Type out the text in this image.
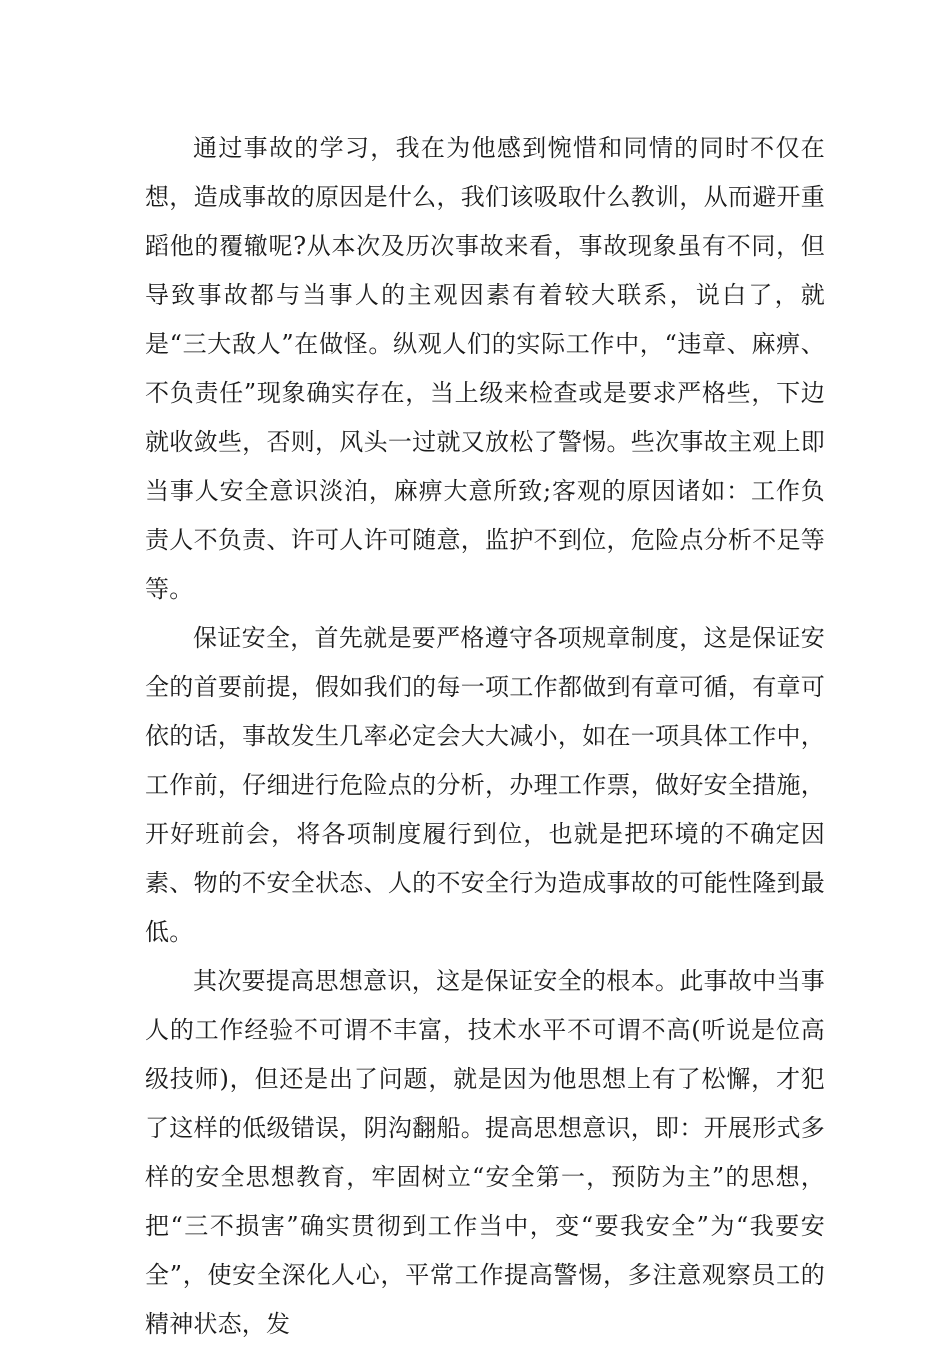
通过事故的学习，我在为他感到惋惜和同情的同时不仅在想，造成事故的原因是什么，我们该吸取什么教训，从而避开重蹈他的覆辙呢?从本次及历次事故来看，事故现象虽有不同，但导致事故都与当事人的主观因素有着较大联系，说白了，就是“三大敌人”在做怪。纵观人们的实际工作中，“违章、麻痹、不负责任”现象确实存在，当上级来检查或是要求严格些，下边就收敛些，否则，风头一过就又放松了警惕。些次事故主观上即当事人安全意识淡泊，麻痹大意所致;客观的原因诸如：工作负责人不负责、许可人许可随意，监护不到位，危险点分析不足等等。

保证安全，首先就是要严格遵守各项规章制度，这是保证安全的首要前提，假如我们的每一项工作都做到有章可循，有章可依的话，事故发生几率必定会大大减小，如在一项具体工作中，工作前，仔细进行危险点的分析，办理工作票，做好安全措施，开好班前会，将各项制度履行到位，也就是把环境的不确定因素、物的不安全状态、人的不安全行为造成事故的可能性隆到最低。

其次要提高思想意识，这是保证安全的根本。此事故中当事人的工作经验不可谓不丰富，技术水平不可谓不高(听说是位高级技师)，但还是出了问题，就是因为他思想上有了松懈，才犯了这样的低级错误，阴沟翻船。提高思想意识，即：开展形式多样的安全思想教育，牢固树立“安全第一，预防为主”的思想，把“三不损害”确实贯彻到工作当中，变“要我安全”为“我要安全”，使安全深化人心，平常工作提高警惕，多注意观察员工的精神状态，发
